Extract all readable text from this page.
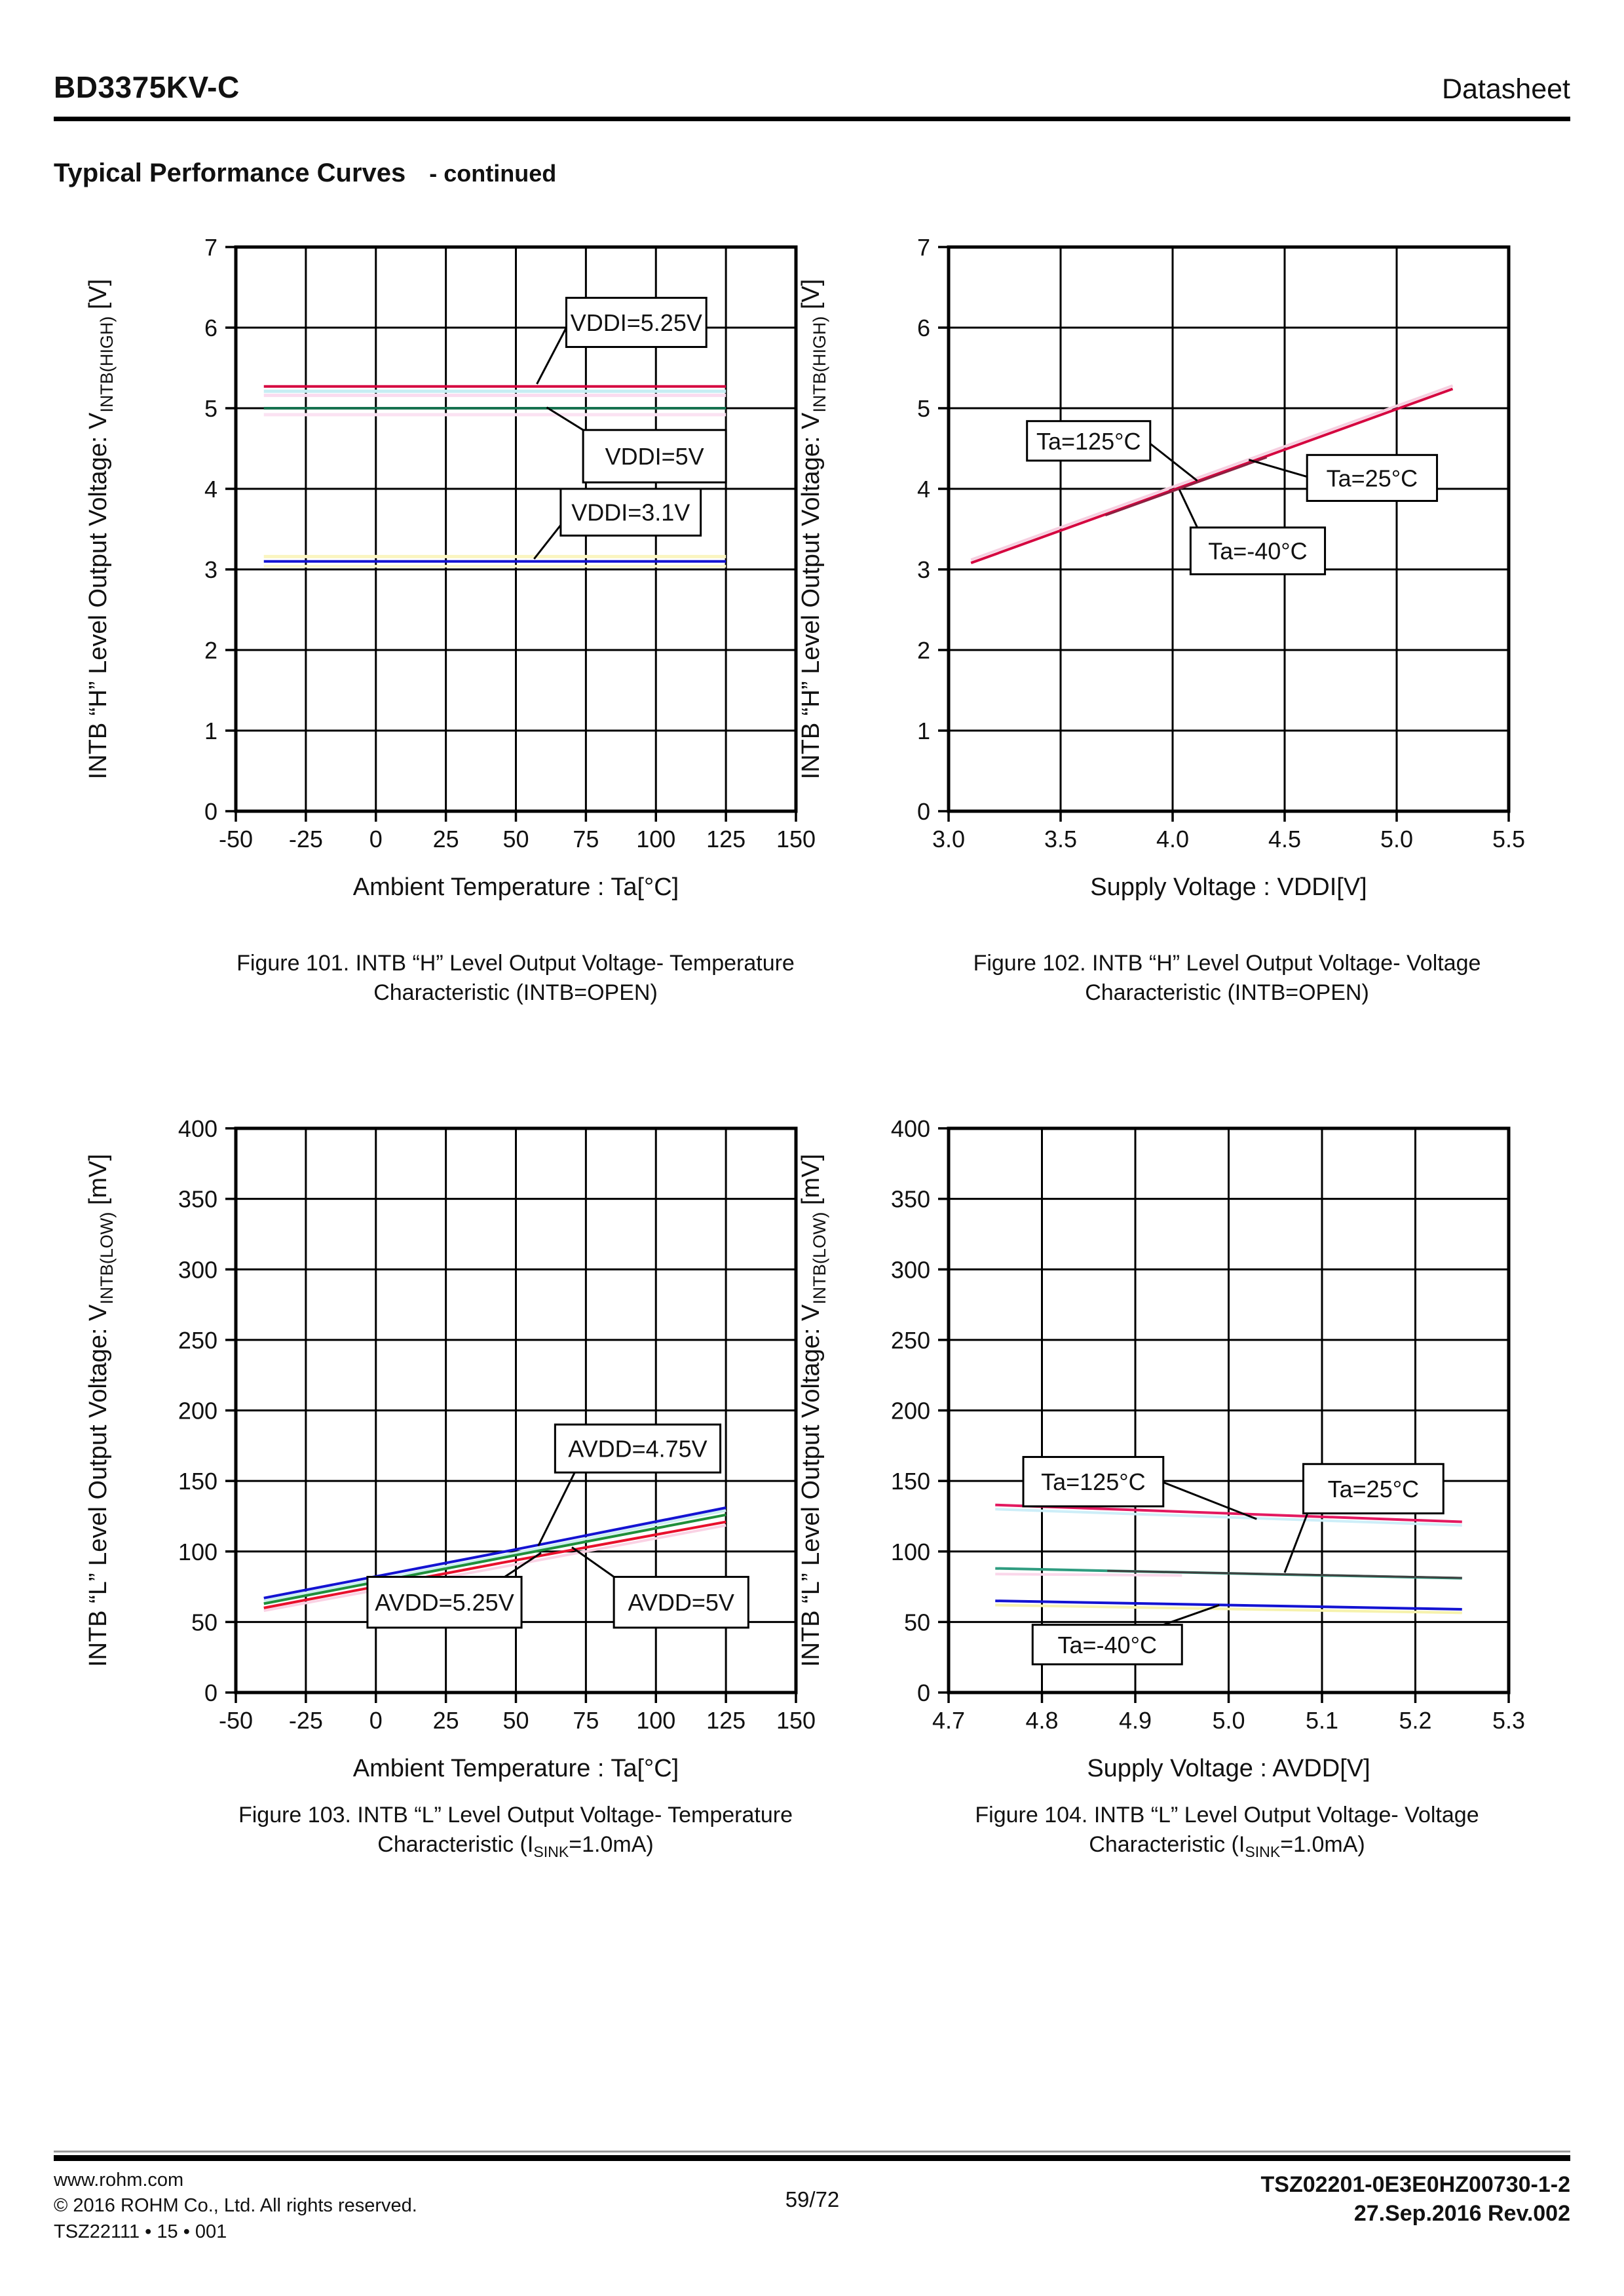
BD3375KV-C	Datasheet
Typical Performance Curves - continued
-50 -25 0 25 50 75 100 125 150
0
1
2
3
4
5
6
7
VDDI=5.25V
VDDI=5V
VDDI=3.1V
Ambient Temperature : Ta[°C]
INTB “H” Level Output Voltage: $V_{INTB(HIGH)}$ [V]
3.0	3.5	4.0	4.5	5.0	5.5
0
1
2
3
4
5
6
7
Ta=125°C
Ta=25°C
Ta=-40°C
Supply Voltage : VDDI[V]
INTB “H” Level Output Voltage: $V_{INTB(HIGH)}$ [V]
Figure 101. INTB “H” Level Output Voltage- Temperature
Characteristic (INTB=OPEN)
Figure 102. INTB “H” Level Output Voltage- Voltage
Characteristic (INTB=OPEN)
-50 -25 0 25 50 75 100 125 150
0
50
100
150
200
250
300
350
400
AVDD=4.75V
AVDD=5.25V	AVDD=5V
Ambient Temperature : Ta[°C]
INTB “L” Level Output Voltage: $V_{INTB(LOW)}$ [mV]
4.7	4.8	4.9	5.0	5.1	5.2	5.3
0
50
100
150
200
250
300
350
400
Ta=125°C	Ta=25°C
Ta=-40°C
Supply Voltage : AVDD[V]
INTB “L” Level Output Voltage: $V_{INTB(LOW)}$ [mV]
Figure 103. INTB “L” Level Output Voltage- Temperature
Characteristic $(I_{SINK}=1.0mA)$
Figure 104. INTB “L” Level Output Voltage- Voltage
Characteristic $(I_{SINK}=1.0mA)$
www.rohm.com
© 2016 ROHM Co., Ltd. All rights reserved.
TSZ22111 • 15 • 001
59/72
TSZ02201-0E3E0HZ00730-1-2
27.Sep.2016 Rev.002
